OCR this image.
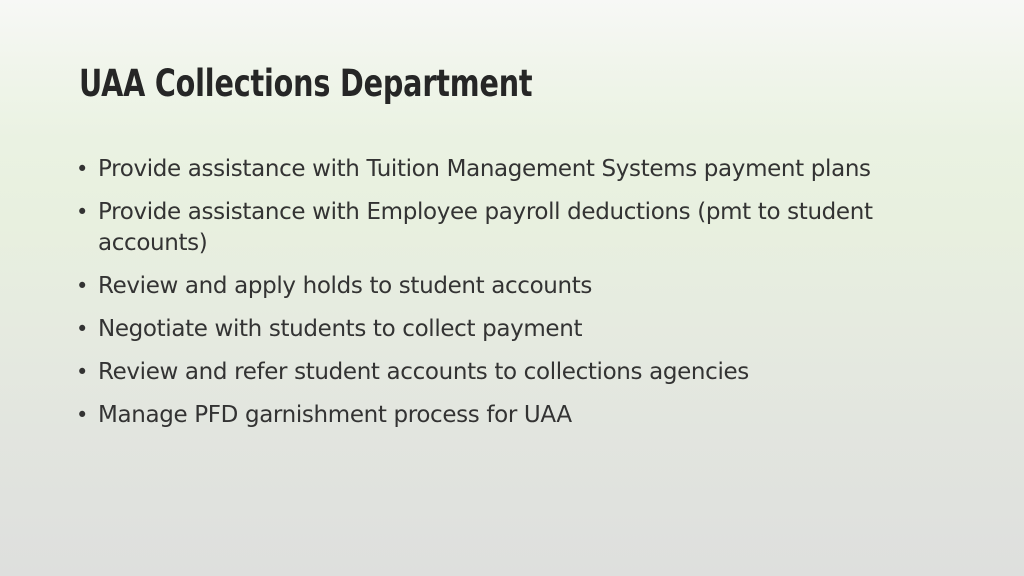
UAA Collections Department
• Provide assistance with Tuition Management Systems payment plans
• Provide assistance with Employee payroll deductions (pmt to student accounts)
• Review and apply holds to student accounts
• Negotiate with students to collect payment
• Review and refer student accounts to collections agencies
• Manage PFD garnishment process for UAA
